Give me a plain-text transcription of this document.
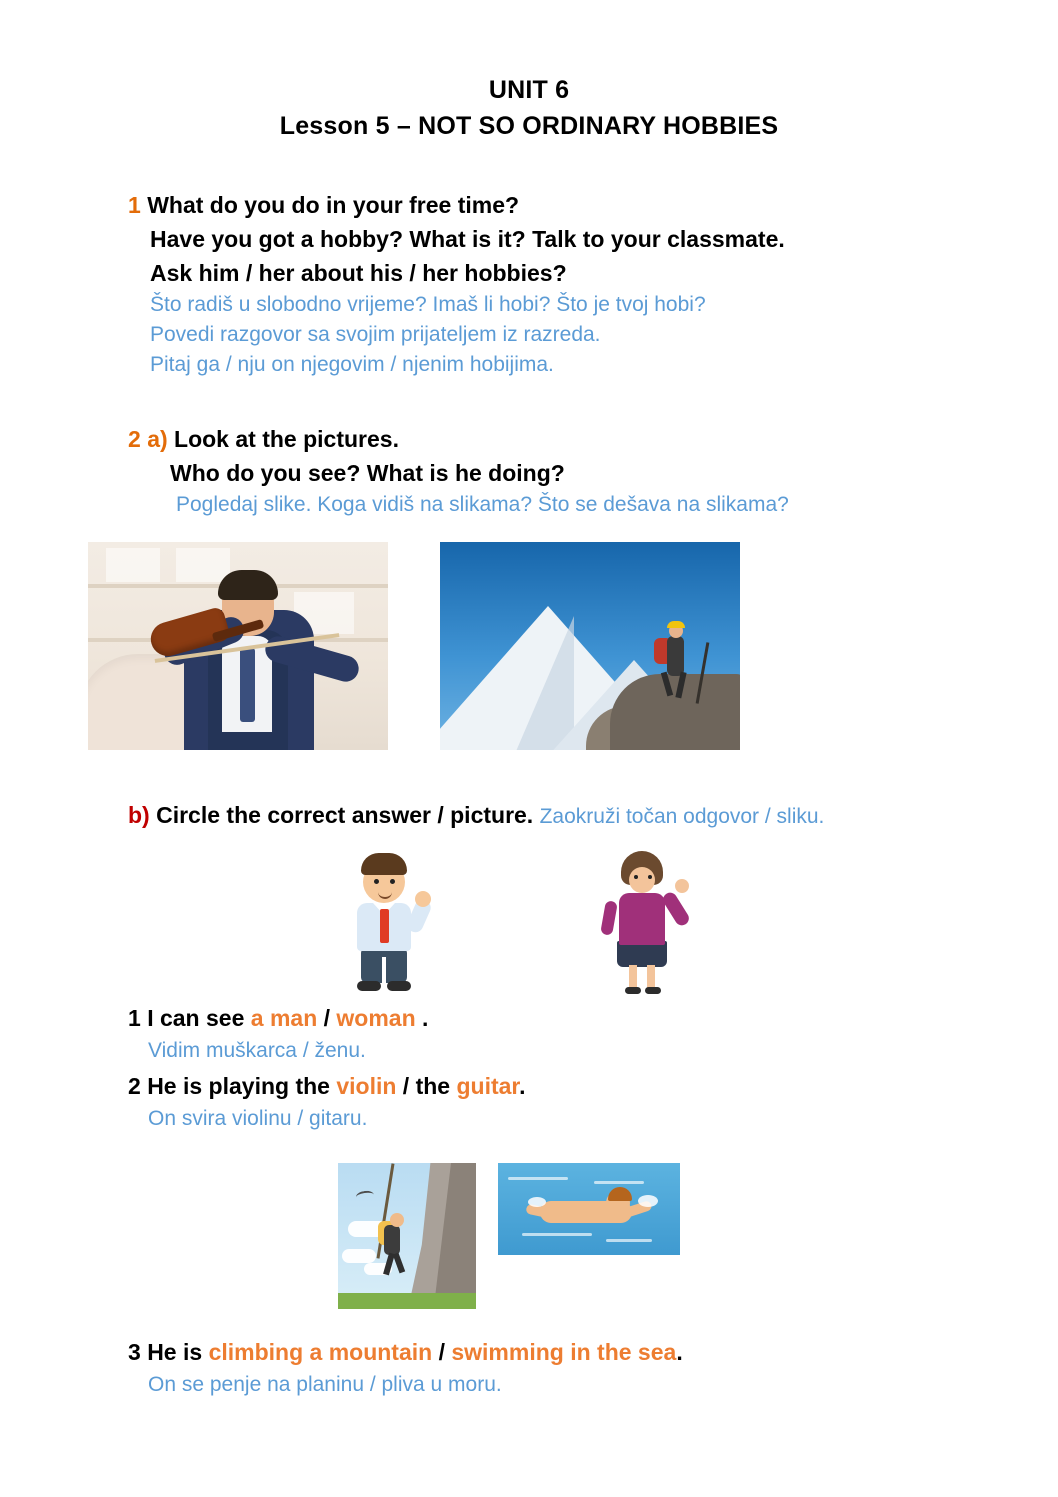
UNIT 6
Lesson 5 – NOT SO ORDINARY HOBBIES
1 What do you do in your free time?
Have you got a hobby? What is it? Talk to your classmate.
Ask him / her about his / her hobbies?
Što radiš u slobodno vrijeme? Imaš li hobi? Što je tvoj hobi?
Povedi razgovor sa svojim prijateljem iz razreda.
Pitaj ga / nju on njegovim / njenim hobijima.
2 a) Look at the pictures.
Who do you see? What is he doing?
Pogledaj slike. Koga vidiš na slikama? Što se dešava na slikama?
b) Circle the correct answer / picture. Zaokruži točan odgovor / sliku.
1 I can see a man / woman .
Vidim muškarca / ženu.
2 He is playing the violin / the guitar.
On svira violinu / gitaru.
3 He is climbing a mountain / swimming in the sea.
On se penje na planinu / pliva u moru.
